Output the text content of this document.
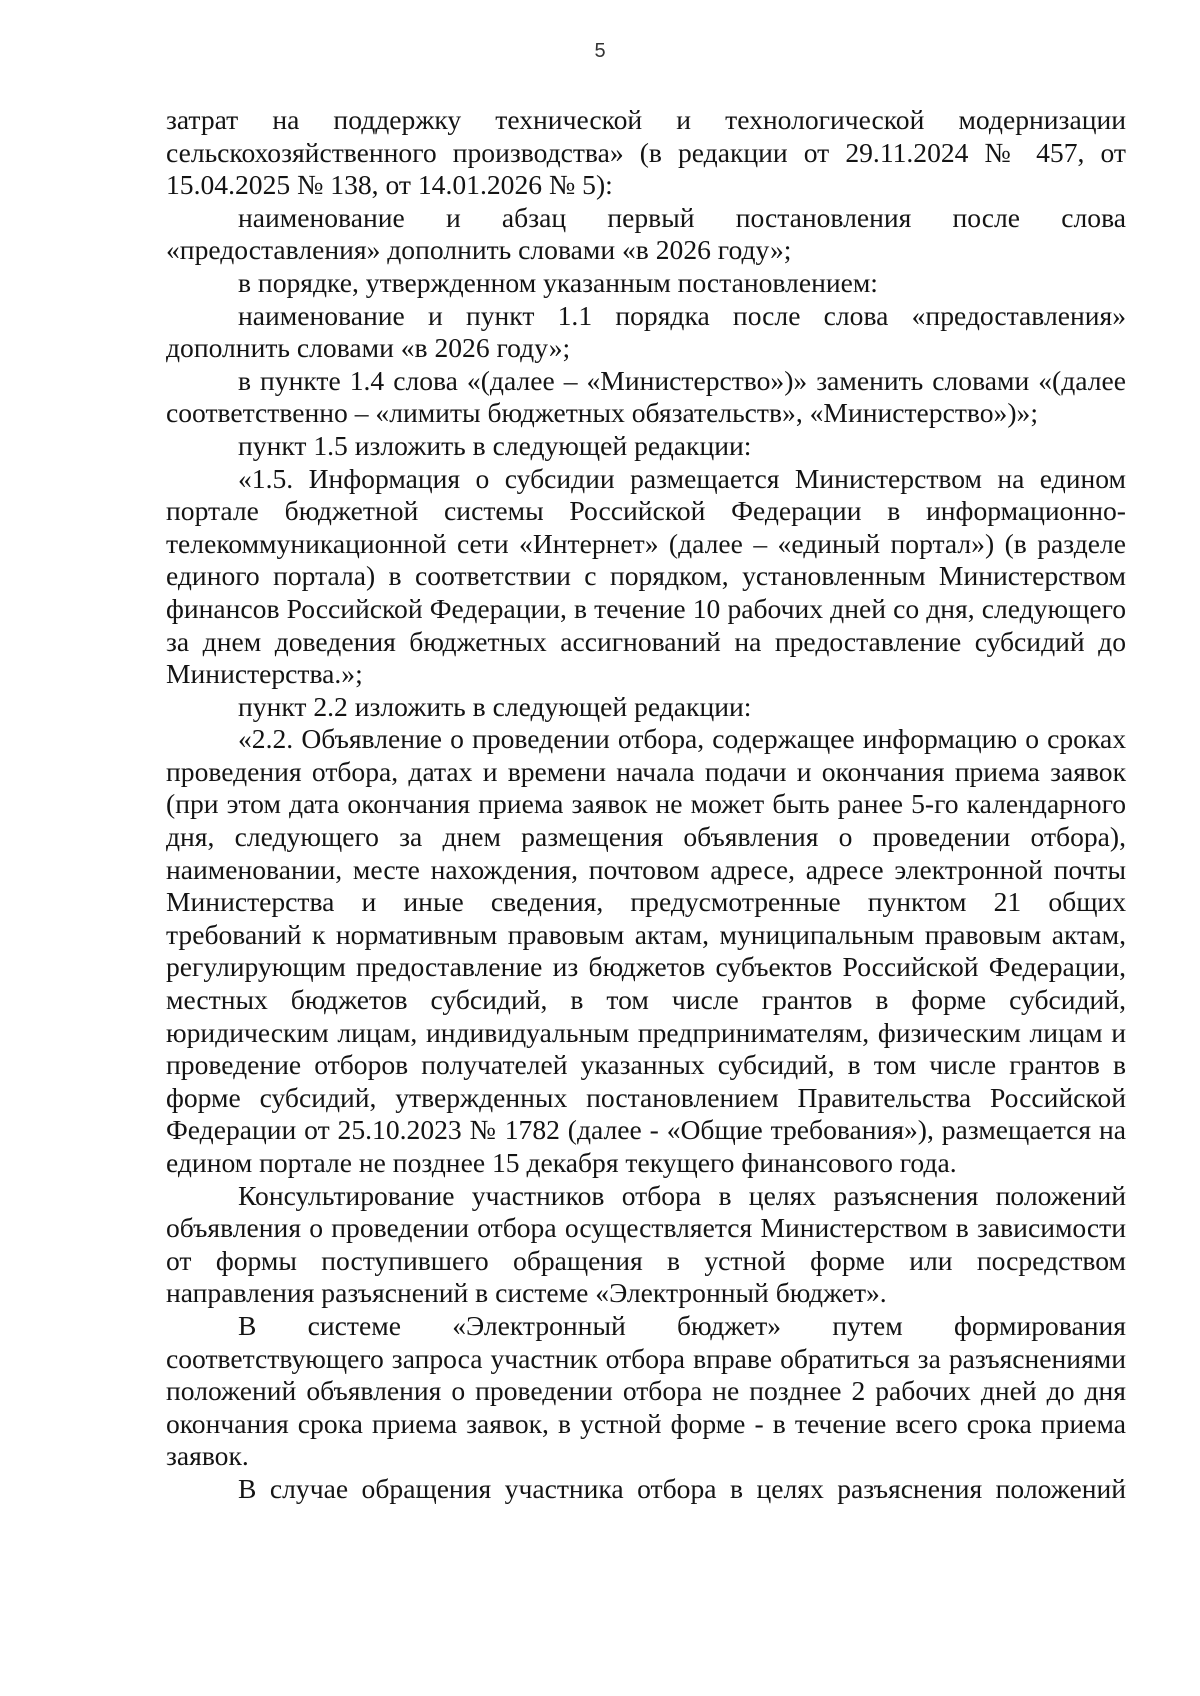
5

затрат на поддержку технической и технологической модернизации сельскохозяйственного производства» (в редакции от 29.11.2024 № 457, от 15.04.2025 № 138, от 14.01.2026 № 5):

наименование и абзац первый постановления после слова «предоставления» дополнить словами «в 2026 году»;

в порядке, утвержденном указанным постановлением:

наименование и пункт 1.1 порядка после слова «предоставления» дополнить словами «в 2026 году»;

в пункте 1.4 слова «(далее – «Министерство»)» заменить словами «(далее соответственно – «лимиты бюджетных обязательств», «Министерство»)»;

пункт 1.5 изложить в следующей редакции:

«1.5. Информация о субсидии размещается Министерством на едином портале бюджетной системы Российской Федерации в информационно-телекоммуникационной сети «Интернет» (далее – «единый портал») (в разделе единого портала) в соответствии с порядком, установленным Министерством финансов Российской Федерации, в течение 10 рабочих дней со дня, следующего за днем доведения бюджетных ассигнований на предоставление субсидий до Министерства.»;

пункт 2.2 изложить в следующей редакции:

«2.2. Объявление о проведении отбора, содержащее информацию о сроках проведения отбора, датах и времени начала подачи и окончания приема заявок (при этом дата окончания приема заявок не может быть ранее 5-го календарного дня, следующего за днем размещения объявления о проведении отбора), наименовании, месте нахождения, почтовом адресе, адресе электронной почты Министерства и иные сведения, предусмотренные пунктом 21 общих требований к нормативным правовым актам, муниципальным правовым актам, регулирующим предоставление из бюджетов субъектов Российской Федерации, местных бюджетов субсидий, в том числе грантов в форме субсидий, юридическим лицам, индивидуальным предпринимателям, физическим лицам и проведение отборов получателей указанных субсидий, в том числе грантов в форме субсидий, утвержденных постановлением Правительства Российской Федерации от 25.10.2023 № 1782 (далее - «Общие требования»), размещается на едином портале не позднее 15 декабря текущего финансового года.

Консультирование участников отбора в целях разъяснения положений объявления о проведении отбора осуществляется Министерством в зависимости от формы поступившего обращения в устной форме или посредством направления разъяснений в системе «Электронный бюджет».

В системе «Электронный бюджет» путем формирования соответствующего запроса участник отбора вправе обратиться за разъяснениями положений объявления о проведении отбора не позднее 2 рабочих дней до дня окончания срока приема заявок, в устной форме - в течение всего срока приема заявок.

В случае обращения участника отбора в целях разъяснения положений
